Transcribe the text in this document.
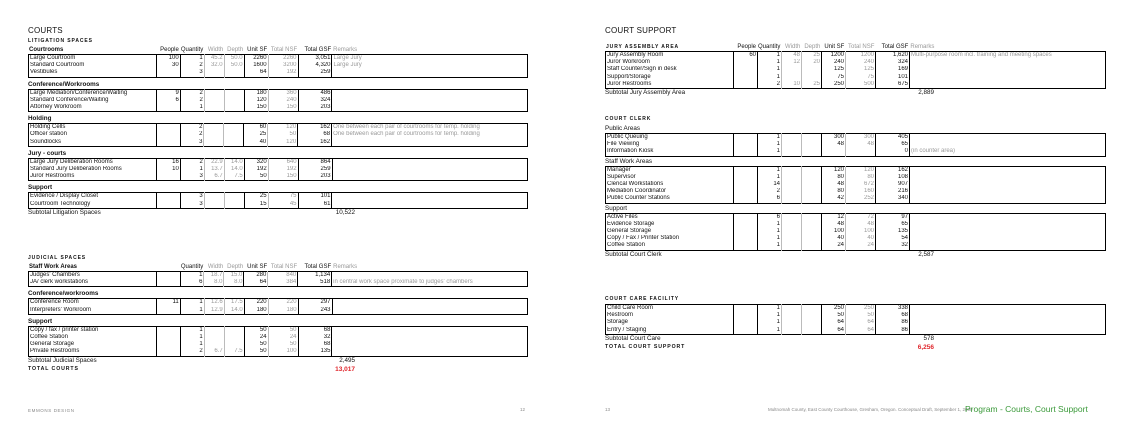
COURTS
LITIGATION SPACES
Courtrooms	People	Quantity	Width	Depth	Unit SF	Total NSF	Total GSF	Remarks
Large Courtroom	100	1	45.2	50.0	2260	2260	3,051	Large Jury
Standard Courtroom	30	2	32.0	50.0	1600	3200	4,320	Large Jury
Vestibules		3			64	192	259	
Conference/Workrooms
Large Mediation/Conference/Waiting	9	2			180	360	486	
Standard Conference/Waiting	6	2			120	240	324	
Attorney Workroom		1			150	150	203	
Holding
Holding Cells		2			60	120	162	One between each pair of courtrooms for temp. holding
Officer station		2			25	50	68	One between each pair of courtrooms for temp. holding
Soundlocks		3			40	120	162	
Jury - courts
Large Jury Deliberation Rooms	16	2	22.9	14.0	320	640	864	
Standard Jury Deliberation Rooms	10	1	13.7	14.0	192	192	259	
Juror Restrooms		3	6.7	7.5	50	150	203	
Support
Evidence / Display Closet		3			25	75	101	
Courtroom Technology		3			15	45	61	
Subtotal Litigation Spaces	10,522
JUDICIAL SPACES
Staff Work Areas		Quantity	Width	Depth	Unit SF	Total NSF	Total GSF	Remarks
Judges' Chambers		1	18.7	15.0	280	840	1,134	
JA/ clerk workstations		6	8.0	8.0	64	384	518	in central work space proximate to judges' chambers
Conference/workrooms
Conference Room	11	1	12.6	17.5	220	220	297	
Interpreters' Workroom		1	12.9	14.0	180	180	243	
Support
Copy / fax / printer station		1			50	50	68	
Coffee Station		1			24	24	32	
General Storage		1			50	50	68	
Private Restrooms		2	6.7	7.5	50	100	135	
Subtotal Judicial Spaces	2,495
TOTAL COURTS	13,017
EMMONS DESIGN	12
COURT SUPPORT
JURY ASSEMBLY AREA	People	Quantity	Width	Depth	Unit SF	Total NSF	Total GSF	Remarks
Jury Assembly Room	60	1	48	25	1200	1200	1,620	Multi-purpose room incl. training and meeting spaces
Juror Workroom		1	12	20	240	240	324	
Staff Counter/Sign in desk		1			125	125	169	
Support/Storage		1			75	75	101	
Juror Restrooms		2	10	25	250	500	675	
Subtotal Jury Assembly Area	2,889
COURT CLERK
Public Areas
Public Queuing		1			300	300	405	
File Viewing		1			48	48	65	
Information Kiosk		1					0	(in counter area)
Staff Work Areas
Manager		1			120	120	162	
Supervisor		1			80	80	108	
Clerical Workstations		14			48	672	907	
Mediation Coordinator		2			80	160	216	
Public Counter Stations		6			42	252	340	
Support
Active Files		6			12	72	97	
Evidence Storage		1			48	48	65	
General Storage		1			100	100	135	
Copy / Fax / Printer Station		1			40	40	54	
Coffee Station		1			24	24	32	
Subtotal Court Clerk	2,587
COURT CARE FACILITY
Child Care Room		1			250	250	338	
Restroom		1			50	50	68	
Storage		1			64	64	86	
Entry / Staging		1			64	64	86	
Subtotal Court Care	578
TOTAL COURT SUPPORT	6,256
13	Multnomah County, East County Courthouse, Gresham, Oregon. Conceptual Draft, September 1, 2009
Program - Courts, Court Support
